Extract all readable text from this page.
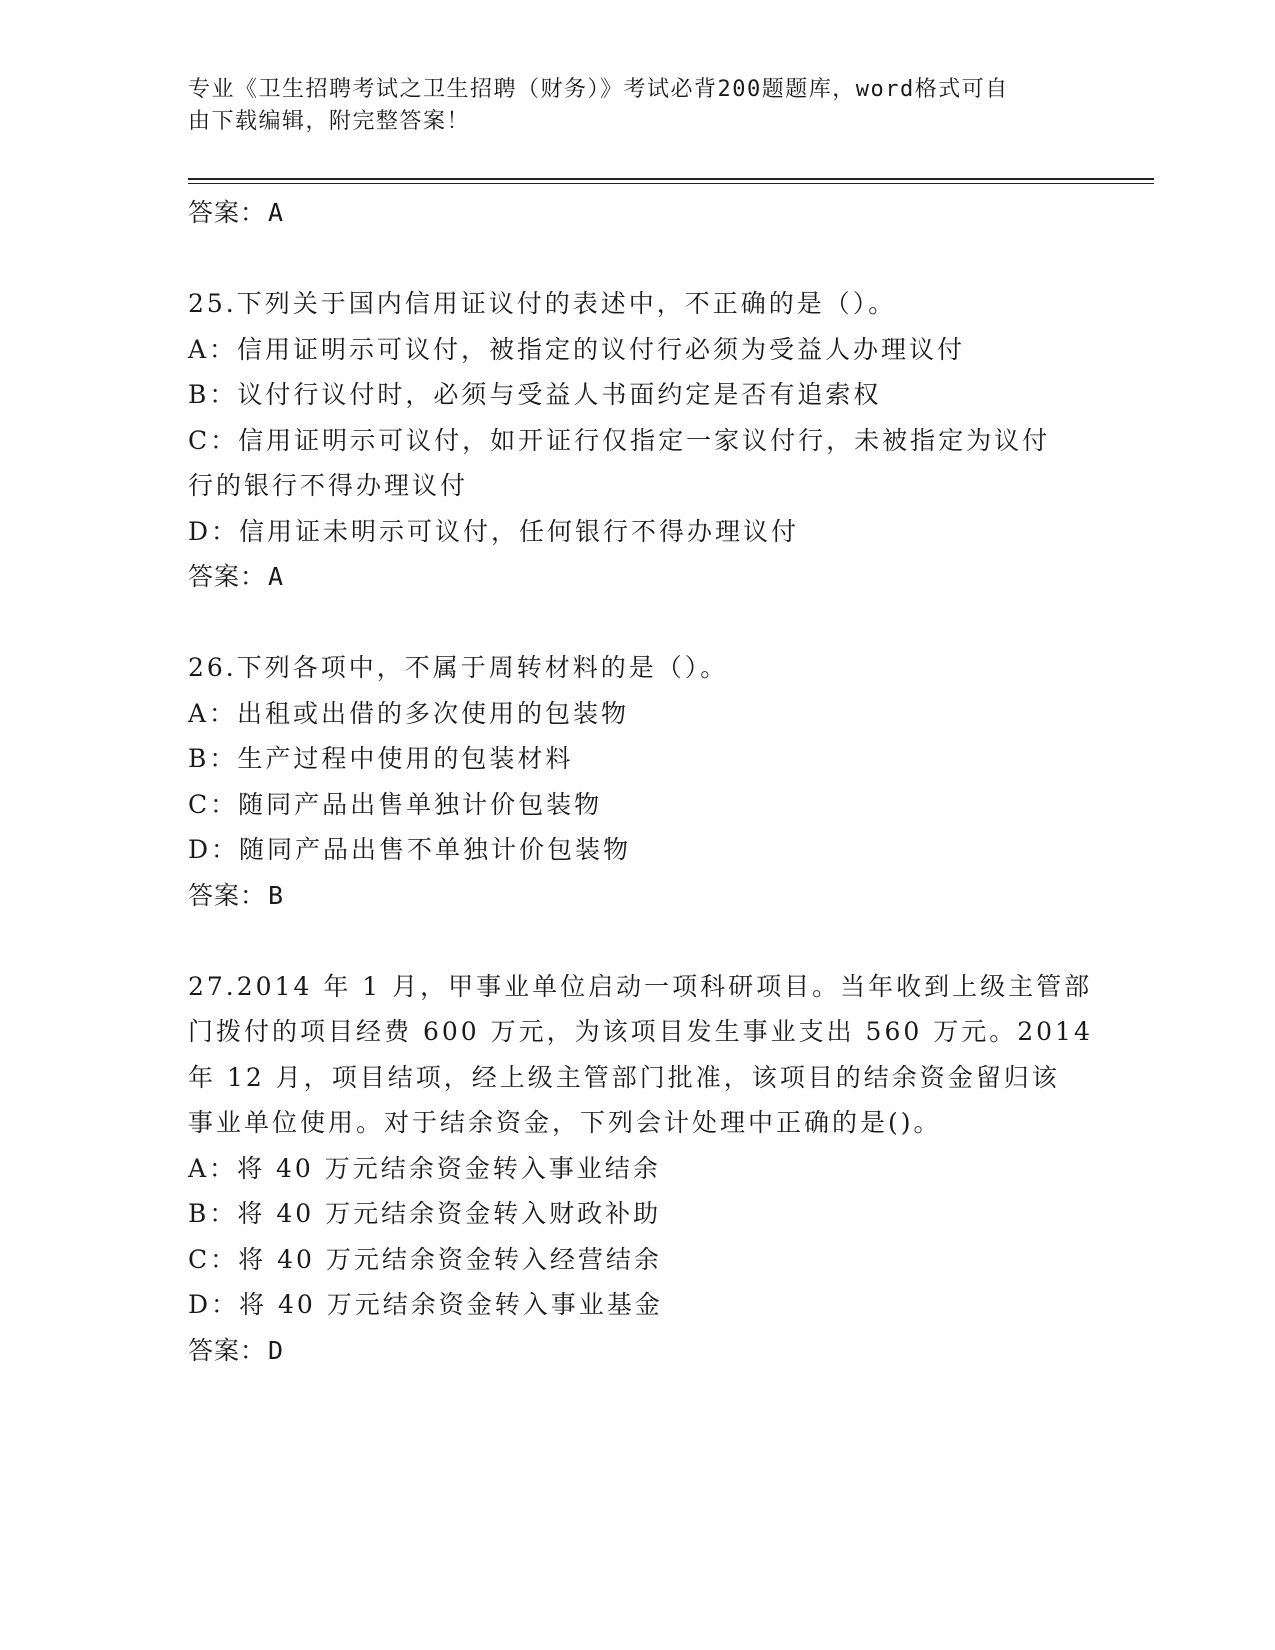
专业《卫生招聘考试之卫生招聘（财务）》考试必背200题题库，word格式可自
由下载编辑，附完整答案！
答案：A
25.下列关于国内信用证议付的表述中，不正确的是（）。
A：信用证明示可议付，被指定的议付行必须为受益人办理议付
B：议付行议付时，必须与受益人书面约定是否有追索权
C：信用证明示可议付，如开证行仅指定一家议付行，未被指定为议付
行的银行不得办理议付
D：信用证未明示可议付，任何银行不得办理议付
答案：A
26.下列各项中，不属于周转材料的是（）。
A：出租或出借的多次使用的包装物
B：生产过程中使用的包装材料
C：随同产品出售单独计价包装物
D：随同产品出售不单独计价包装物
答案：B
27.2014 年 1 月，甲事业单位启动一项科研项目。当年收到上级主管部
门拨付的项目经费 600 万元，为该项目发生事业支出 560 万元。2014
年 12 月，项目结项，经上级主管部门批准，该项目的结余资金留归该
事业单位使用。对于结余资金，下列会计处理中正确的是()。
A：将 40 万元结余资金转入事业结余
B：将 40 万元结余资金转入财政补助
C：将 40 万元结余资金转入经营结余
D：将 40 万元结余资金转入事业基金
答案：D
